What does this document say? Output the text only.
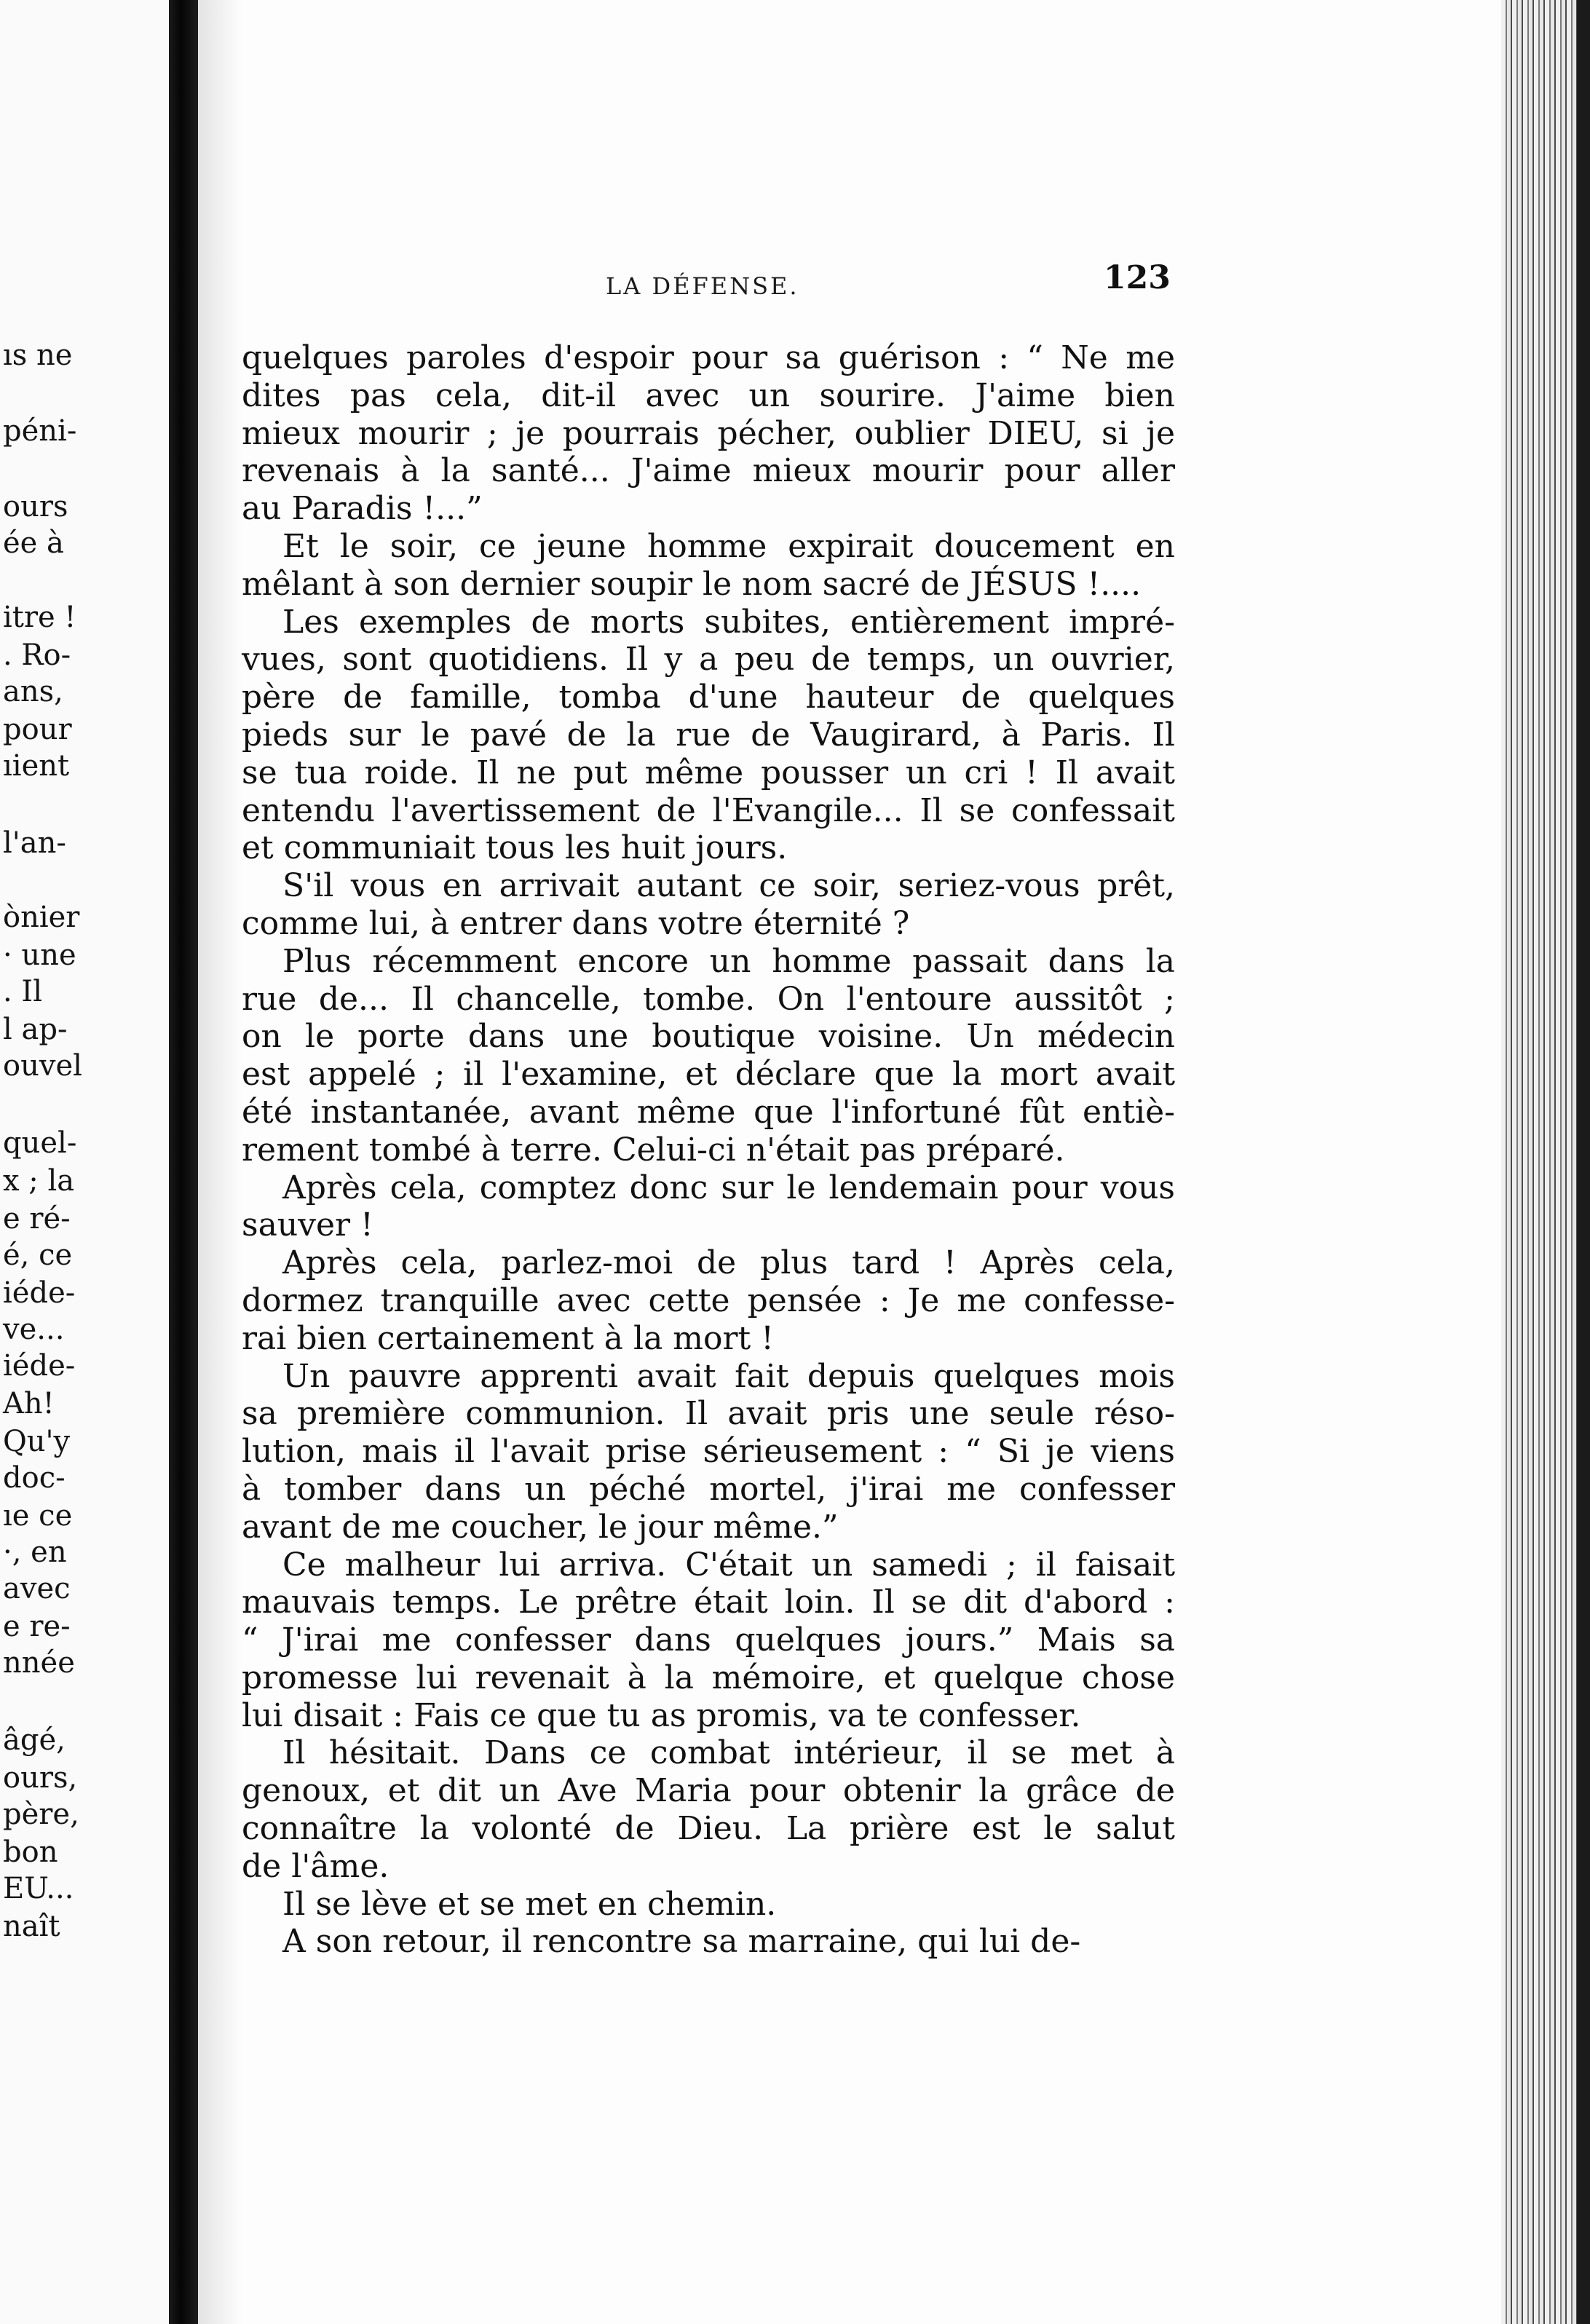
ıs ne
péni-
ours
ée à
itre !
. Ro-
ans,
pour
ıient
l'an-
ònier
· une
. Il
l ap-
ouvel
quel-
x ; la
e ré-
é, ce
iéde-
ve...
iéde-
Ah!
Qu'y
doc-
ıe ce
·, en
avec
e re-
nnée
âgé,
ours,
père,
bon
EU...
naît
LA DÉFENSE.	123
quelques paroles d'espoir pour sa guérison : “ Ne me
dites pas cela, dit-il avec un sourire. J'aime bien
mieux mourir ; je pourrais pécher, oublier DIEU, si je
revenais à la santé... J'aime mieux mourir pour aller
au Paradis !...”
Et le soir, ce jeune homme expirait doucement en
mêlant à son dernier soupir le nom sacré de JÉSUS !....
Les exemples de morts subites, entièrement impré-
vues, sont quotidiens. Il y a peu de temps, un ouvrier,
père de famille, tomba d'une hauteur de quelques
pieds sur le pavé de la rue de Vaugirard, à Paris. Il
se tua roide. Il ne put même pousser un cri ! Il avait
entendu l'avertissement de l'Evangile... Il se confessait
et communiait tous les huit jours.
S'il vous en arrivait autant ce soir, seriez-vous prêt,
comme lui, à entrer dans votre éternité ?
Plus récemment encore un homme passait dans la
rue de... Il chancelle, tombe. On l'entoure aussitôt ;
on le porte dans une boutique voisine. Un médecin
est appelé ; il l'examine, et déclare que la mort avait
été instantanée, avant même que l'infortuné fût entiè-
rement tombé à terre. Celui-ci n'était pas préparé.
Après cela, comptez donc sur le lendemain pour vous
sauver !
Après cela, parlez-moi de plus tard ! Après cela,
dormez tranquille avec cette pensée : Je me confesse-
rai bien certainement à la mort !
Un pauvre apprenti avait fait depuis quelques mois
sa première communion. Il avait pris une seule réso-
lution, mais il l'avait prise sérieusement : “ Si je viens
à tomber dans un péché mortel, j'irai me confesser
avant de me coucher, le jour même.”
Ce malheur lui arriva. C'était un samedi ; il faisait
mauvais temps. Le prêtre était loin. Il se dit d'abord :
“ J'irai me confesser dans quelques jours.” Mais sa
promesse lui revenait à la mémoire, et quelque chose
lui disait : Fais ce que tu as promis, va te confesser.
Il hésitait. Dans ce combat intérieur, il se met à
genoux, et dit un Ave Maria pour obtenir la grâce de
connaître la volonté de Dieu. La prière est le salut
de l'âme.
Il se lève et se met en chemin.
A son retour, il rencontre sa marraine, qui lui de-
